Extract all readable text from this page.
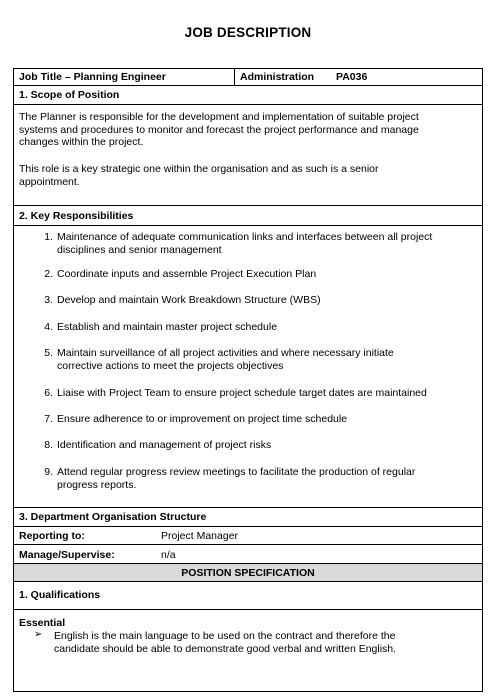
JOB DESCRIPTION
Job Title – Planning Engineer	Administration	PA036
1. Scope of Position
The Planner is responsible for the development and implementation of suitable project
systems and procedures to monitor and forecast the project performance and manage
changes within the project.
This role is a key strategic one within the organisation and as such is a senior
appointment.
2. Key Responsibilities
1. Maintenance of adequate communication links and interfaces between all project
disciplines and senior management
2. Coordinate inputs and assemble Project Execution Plan
3. Develop and maintain Work Breakdown Structure (WBS)
4. Establish and maintain master project schedule
5. Maintain surveillance of all project activities and where necessary initiate
corrective actions to meet the projects objectives
6. Liaise with Project Team to ensure project schedule target dates are maintained
7. Ensure adherence to or improvement on project time schedule
8. Identification and management of project risks
9. Attend regular progress review meetings to facilitate the production of regular
progress reports.
3. Department Organisation Structure
Reporting to:	Project Manager
Manage/Supervise:	n/a
POSITION SPECIFICATION
1. Qualifications
Essential
➢ English is the main language to be used on the contract and therefore the
candidate should be able to demonstrate good verbal and written English.
